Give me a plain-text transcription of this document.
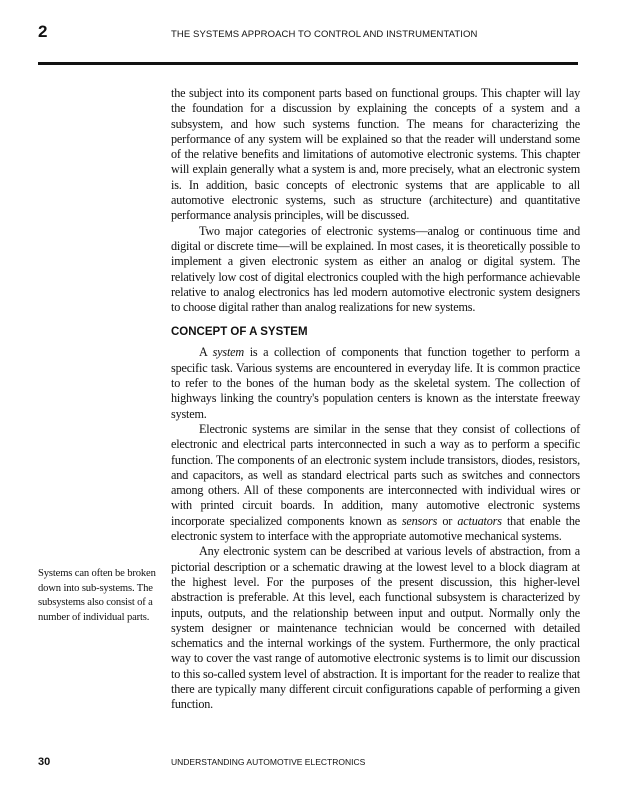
2	THE SYSTEMS APPROACH TO CONTROL AND INSTRUMENTATION

the subject into its component parts based on functional groups. This chapter will lay the foundation for a discussion by explaining the concepts of a system and a subsystem, and how such systems function. The means for characterizing the performance of any system will be explained so that the reader will understand some of the relative benefits and limitations of automotive electronic systems. This chapter will explain generally what a system is and, more precisely, what an electronic system is. In addition, basic concepts of electronic systems that are applicable to all automotive electronic systems, such as structure (architecture) and quantitative performance analysis principles, will be discussed.

Two major categories of electronic systems—analog or continuous time and digital or discrete time—will be explained. In most cases, it is theoretically possible to implement a given electronic system as either an analog or digital system. The relatively low cost of digital electronics coupled with the high performance achievable relative to analog electronics has led modern automotive electronic system designers to choose digital rather than analog realizations for new systems.

CONCEPT OF A SYSTEM

A system is a collection of components that function together to perform a specific task. Various systems are encountered in everyday life. It is common practice to refer to the bones of the human body as the skeletal system. The collection of highways linking the country's population centers is known as the interstate freeway system.

Electronic systems are similar in the sense that they consist of collections of electronic and electrical parts interconnected in such a way as to perform a specific function. The components of an electronic system include transistors, diodes, resistors, and capacitors, as well as standard electrical parts such as switches and connectors among others. All of these components are interconnected with individual wires or with printed circuit boards. In addition, many automotive electronic systems incorporate specialized components known as sensors or actuators that enable the electronic system to interface with the appropriate automotive mechanical systems.

Any electronic system can be described at various levels of abstraction, from a pictorial description or a schematic drawing at the lowest level to a block diagram at the highest level. For the purposes of the present discussion, this higher-level abstraction is preferable. At this level, each functional subsystem is characterized by inputs, outputs, and the relationship between input and output. Normally only the system designer or maintenance technician would be concerned with detailed schematics and the internal workings of the system. Furthermore, the only practical way to cover the vast range of automotive electronic systems is to limit our discussion to this so-called system level of abstraction. It is important for the reader to realize that there are typically many different circuit configurations capable of performing a given function.

Systems can often be broken down into sub-systems. The subsystems also consist of a number of individual parts.
30	UNDERSTANDING AUTOMOTIVE ELECTRONICS
